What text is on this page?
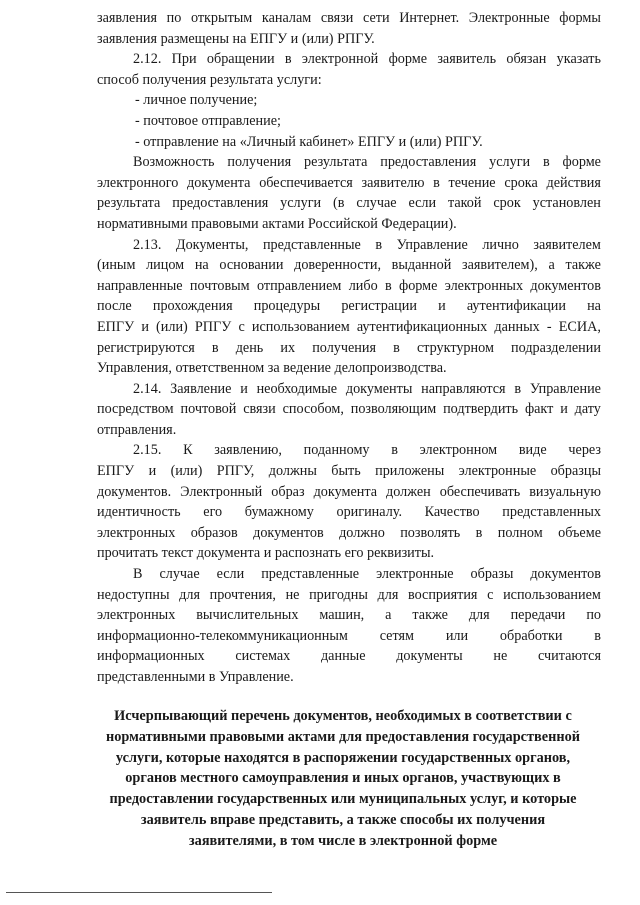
заявления по открытым каналам связи сети Интернет. Электронные формы
заявления размещены на ЕПГУ и (или) РПГУ.
2.12. При обращении в электронной форме заявитель обязан указать
способ получения результата услуги:
- личное получение;
- почтовое отправление;
- отправление на «Личный кабинет» ЕПГУ и (или) РПГУ.
Возможность получения результата предоставления услуги в форме
электронного документа обеспечивается заявителю в течение срока действия
результата предоставления услуги (в случае если такой срок установлен
нормативными правовыми актами Российской Федерации).
2.13. Документы, представленные в Управление лично заявителем
(иным лицом на основании доверенности, выданной заявителем), а также
направленные почтовым отправлением либо в форме электронных документов
после прохождения процедуры регистрации и аутентификации на
ЕПГУ и (или) РПГУ с использованием аутентификационных данных - ЕСИА,
регистрируются в день их получения в структурном подразделении
Управления, ответственном за ведение делопроизводства.
2.14. Заявление и необходимые документы направляются в Управление
посредством почтовой связи способом, позволяющим подтвердить факт и дату
отправления.
2.15. К заявлению, поданному в электронном виде через
ЕПГУ и (или) РПГУ, должны быть приложены электронные образцы
документов. Электронный образ документа должен обеспечивать визуальную
идентичность его бумажному оригиналу. Качество представленных
электронных образов документов должно позволять в полном объеме
прочитать текст документа и распознать его реквизиты.
В случае если представленные электронные образы документов
недоступны для прочтения, не пригодны для восприятия с использованием
электронных вычислительных машин, а также для передачи по
информационно-телекоммуникационным сетям или обработки в
информационных системах данные документы не считаются
представленными в Управление.
Исчерпывающий перечень документов, необходимых в соответствии с
нормативными правовыми актами для предоставления государственной
услуги, которые находятся в распоряжении государственных органов,
органов местного самоуправления и иных органов, участвующих в
предоставлении государственных или муниципальных услуг, и которые
заявитель вправе представить, а также способы их получения
заявителями, в том числе в электронной форме
